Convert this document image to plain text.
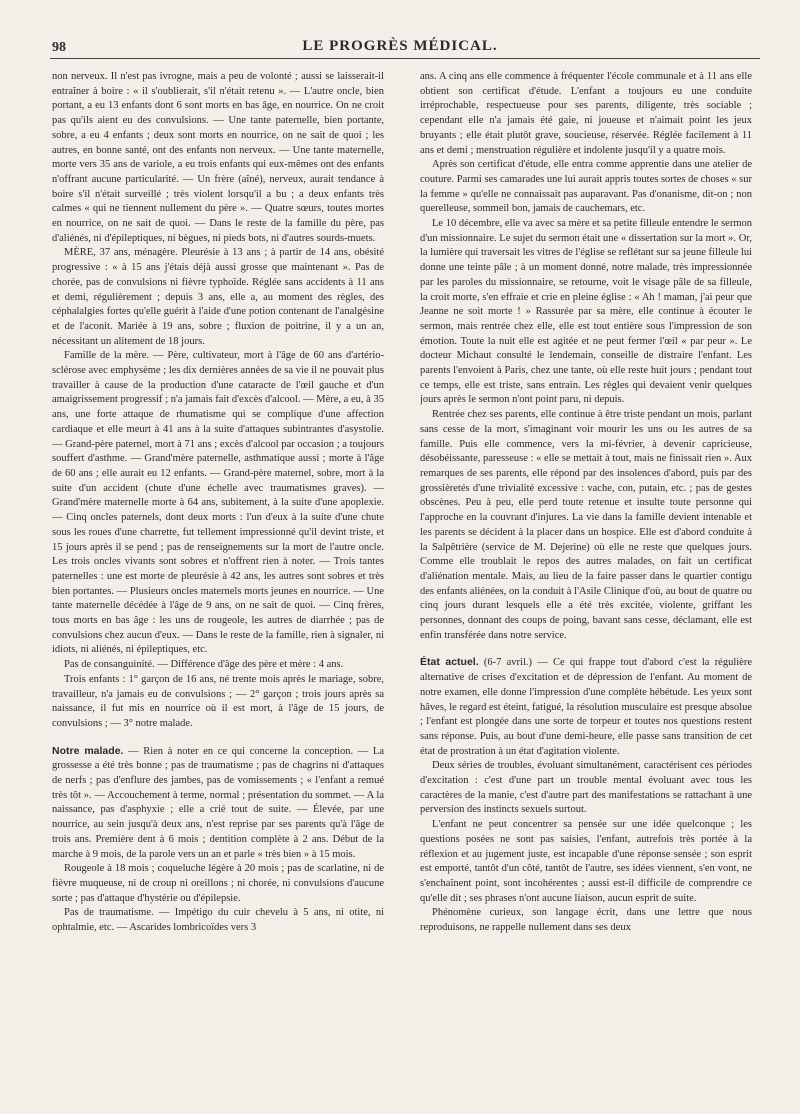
98	LE PROGRÈS MÉDICAL.

non nerveux. Il n'est pas ivrogne, mais a peu de volonté ; aussi se laisserait-il entraîner à boire : « il s'oublierait, s'il n'était retenu ». — L'autre oncle, bien portant, a eu 13 enfants dont 6 sont morts en bas âge, en nourrice. On ne croit pas qu'ils aient eu des convulsions. — Une tante paternelle, bien portante, sobre, a eu 4 enfants ; deux sont morts en nourrice, on ne sait de quoi ; les autres, en bonne santé, ont des enfants non nerveux. — Une tante maternelle, morte vers 35 ans de variole, a eu trois enfants qui eux-mêmes ont des enfants n'offrant aucune particularité. — Un frère (aîné), nerveux, aurait tendance à boire s'il n'était surveillé ; très violent lorsqu'il a bu ; a deux enfants très calmes « qui ne tiennent nullement du père ». — Quatre sœurs, toutes mortes en nourrice, on ne sait de quoi. — Dans le reste de la famille du père, pas d'aliénés, ni d'épileptiques, ni bègues, ni pieds bots, ni d'autres sourds-muets.

MÈRE, 37 ans, ménagère. Pleurésie à 13 ans ; à partir de 14 ans, obésité progressive : « à 15 ans j'étais déjà aussi grosse que maintenant ». Pas de chorée, pas de convulsions ni fièvre typhoïde. Réglée sans accidents à 11 ans et demi, régulièrement ; depuis 3 ans, elle a, au moment des règles, des céphalalgies fortes qu'elle guérit à l'aide d'une potion contenant de l'analgésine et de l'aconit. Mariée à 19 ans, sobre ; fluxion de poitrine, il y a un an, nécessitant un alitement de 18 jours.

Famille de la mère. — Père, cultivateur, mort à l'âge de 60 ans d'artério-sclérose avec emphysème ; les dix dernières années de sa vie il ne pouvait plus travailler à cause de la production d'une cataracte de l'œil gauche et d'un amaigrissement progressif ; n'a jamais fait d'excès d'alcool. — Mère, a eu, à 35 ans, une forte attaque de rhumatisme qui se complique d'une affection cardiaque et elle meurt à 41 ans à la suite d'attaques subintrantes d'asystolie. — Grand-père paternel, mort à 71 ans ; excès d'alcool par occasion ; a toujours souffert d'asthme. — Grand'mère paternelle, asthmatique aussi ; morte à l'âge de 60 ans ; elle aurait eu 12 enfants. — Grand-père maternel, sobre, mort à la suite d'un accident (chute d'une échelle avec traumatismes graves). — Grand'mère maternelle morte à 64 ans, subitement, à la suite d'une apoplexie. — Cinq oncles paternels, dont deux morts : l'un d'eux à la suite d'une chute sous les roues d'une charrette, fut tellement impressionné qu'il devint triste, et 15 jours après il se pend ; pas de renseignements sur la mort de l'autre oncle. Les trois oncles vivants sont sobres et n'offrent rien à noter. — Trois tantes paternelles : une est morte de pleurésie à 42 ans, les autres sont sobres et très bien portantes. — Plusieurs oncles maternels morts jeunes en nourrice. — Une tante maternelle décédée à l'âge de 9 ans, on ne sait de quoi. — Cinq frères, tous morts en bas âge : les uns de rougeole, les autres de diarrhée ; pas de convulsions chez aucun d'eux. — Dans le reste de la famille, rien à signaler, ni idiots, ni aliénés, ni épileptiques, etc.

Pas de consanguinité. — Différence d'âge des père et mère : 4 ans.

Trois enfants : 1° garçon de 16 ans, né trente mois après le mariage, sobre, travailleur, n'a jamais eu de convulsions ; — 2° garçon ; trois jours après sa naissance, il fut mis en nourrice où il est mort, à l'âge de 15 jours, de convulsions ; — 3° notre malade.

Notre malade. — Rien à noter en ce qui concerne la conception. — La grossesse a été très bonne ; pas de traumatisme ; pas de chagrins ni d'attaques de nerfs ; pas d'enflure des jambes, pas de vomissements ; « l'enfant a remué très tôt ». — Accouchement à terme, normal ; présentation du sommet. — A la naissance, pas d'asphyxie ; elle a crié tout de suite. — Élevée, par une nourrice, au sein jusqu'à deux ans, n'est reprise par ses parents qu'à l'âge de trois ans. Première dent à 6 mois ; dentition complète à 2 ans. Début de la marche à 9 mois, de la parole vers un an et parle « très bien » à 15 mois.

Rougeole à 18 mois ; coqueluche légère à 20 mois ; pas de scarlatine, ni de fièvre muqueuse, ni de croup ni oreillons ; ni chorée, ni convulsions d'aucune sorte ; pas d'attaque d'hystérie ou d'épilepsie.

Pas de traumatisme. — Impétigo du cuir chevelu à 5 ans, ni otite, ni ophtalmie, etc. — Ascarides lombricoïdes vers 3

ans. A cinq ans elle commence à fréquenter l'école communale et à 11 ans elle obtient son certificat d'étude. L'enfant a toujours eu une conduite irréprochable, respectueuse pour ses parents, diligente, très sociable ; cependant elle n'a jamais été gaie, ni joueuse et n'aimait point les jeux bruyants ; elle était plutôt grave, soucieuse, réservée. Réglée facilement à 11 ans et demi ; menstruation régulière et indolente jusqu'il y a quatre mois.

Après son certificat d'étude, elle entra comme apprentie dans une atelier de couture. Parmi ses camarades une lui aurait appris toutes sortes de choses « sur la femme » qu'elle ne connaissait pas auparavant. Pas d'onanisme, dit-on ; non querelleuse, sommeil bon, jamais de cauchemars, etc.

Le 10 décembre, elle va avec sa mère et sa petite filleule entendre le sermon d'un missionnaire. Le sujet du sermon était une « dissertation sur la mort ». Or, la lumière qui traversait les vitres de l'église se reflétant sur sa jeune filleule lui donne une teinte pâle ; à un moment donné, notre malade, très impressionnée par les paroles du missionnaire, se retourne, voit le visage pâle de sa filleule, la croit morte, s'en effraie et crie en pleine église : « Ah ! maman, j'ai peur que Jeanne ne soit morte ! » Rassurée par sa mère, elle continue à écouter le sermon, mais rentrée chez elle, elle est tout entière sous l'impression de son émotion. Toute la nuit elle est agitée et ne peut fermer l'œil « par peur ». Le docteur Michaut consulté le lendemain, conseille de distraire l'enfant. Les parents l'envoient à Paris, chez une tante, où elle reste huit jours ; pendant tout ce temps, elle est triste, sans entrain. Les règles qui devaient venir quelques jours après le sermon n'ont point paru, ni depuis.

Rentrée chez ses parents, elle continue à être triste pendant un mois, parlant sans cesse de la mort, s'imaginant voir mourir les uns ou les autres de sa famille. Puis elle commence, vers la mi-février, à devenir capricieuse, désobéissante, paresseuse : « elle se mettait à tout, mais ne finissait rien ». Aux remarques de ses parents, elle répond par des insolences d'abord, puis par des grossièretés d'une trivialité excessive : vache, con, putain, etc. ; pas de gestes obscènes. Peu à peu, elle perd toute retenue et insulte toute personne qui l'approche en la couvrant d'injures. La vie dans la famille devient intenable et les parents se décident à la placer dans un hospice. Elle est d'abord conduite à la Salpêtrière (service de M. Dejerine) où elle ne reste que quelques jours. Comme elle troublait le repos des autres malades, on fait un certificat d'aliénation mentale. Mais, au lieu de la faire passer dans le quartier contigu des enfants aliénées, on la conduit à l'Asile Clinique d'où, au bout de quatre ou cinq jours durant lesquels elle a été très excitée, violente, griffant les personnes, donnant des coups de poing, bavant sans cesse, déclamant, elle est enfin transférée dans notre service.

État actuel. (6-7 avril.) — Ce qui frappe tout d'abord c'est la régulière alternative de crises d'excitation et de dépression de l'enfant. Au moment de notre examen, elle donne l'impression d'une complète hébétude. Les yeux sont hâves, le regard est éteint, fatigué, la résolution musculaire est presque absolue ; l'enfant est plongée dans une sorte de torpeur et toutes nos questions restent sans réponse. Puis, au bout d'une demi-heure, elle passe sans transition de cet état de prostration à un état d'agitation violente.

Deux séries de troubles, évoluant simultanément, caractérisent ces périodes d'excitation : c'est d'une part un trouble mental évoluant avec tous les caractères de la manie, c'est d'autre part des manifestations se rattachant à une perversion des instincts sexuels surtout.

L'enfant ne peut concentrer sa pensée sur une idée quelconque ; les questions posées ne sont pas saisies, l'enfant, autrefois très portée à la réflexion et au jugement juste, est incapable d'une réponse sensée ; son esprit est emporté, tantôt d'un côté, tantôt de l'autre, ses idées viennent, s'en vont, ne s'enchaînent point, sont incohérentes ; aussi est-il difficile de comprendre ce qu'elle dit ; ses phrases n'ont aucune liaison, aucun esprit de suite.

Phénomène curieux, son langage écrit, dans une lettre que nous reproduisons, ne rappelle nullement dans ses deux
